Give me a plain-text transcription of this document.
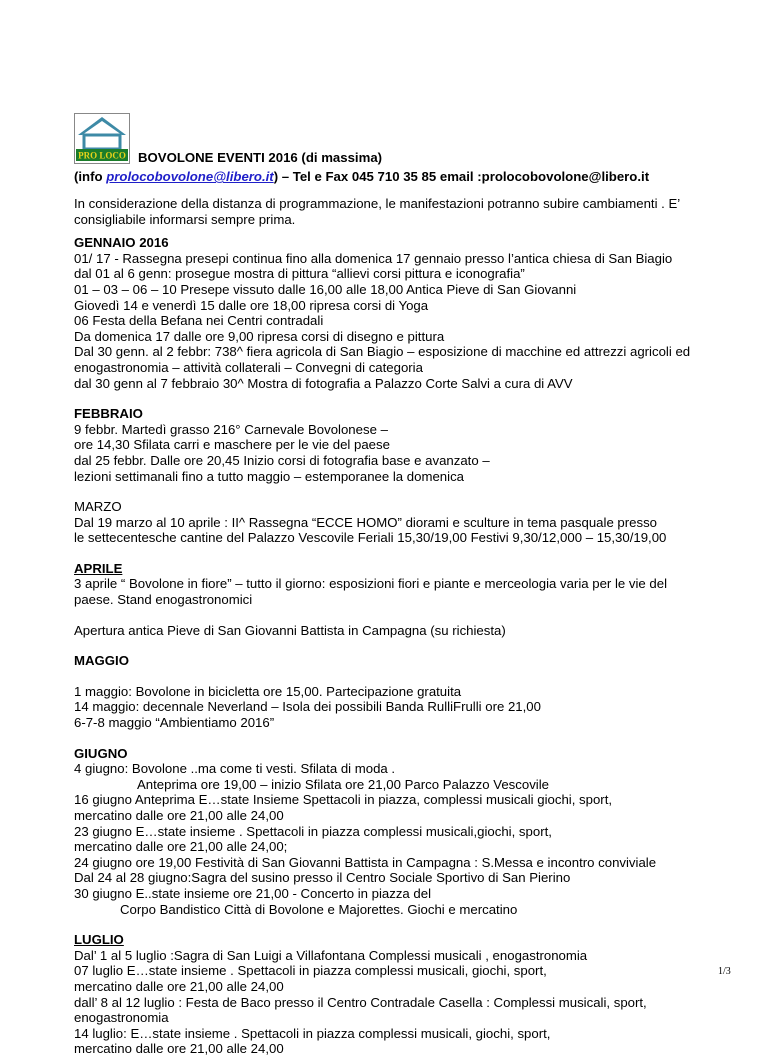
PRO LOCO BOVOLONE EVENTI 2016 (di massima)
(info prolocobovolone@libero.it) – Tel e Fax 045 710 35 85 email :prolocobovolone@libero.it
In considerazione della distanza di programmazione, le manifestazioni potranno subire cambiamenti . E’
consigliabile informarsi sempre prima.
GENNAIO 2016
01/ 17 - Rassegna presepi continua fino alla domenica 17 gennaio presso l’antica chiesa di San Biagio
dal 01 al 6 genn: prosegue mostra di pittura “allievi corsi pittura e iconografia”
01 – 03 – 06 – 10 Presepe vissuto dalle 16,00 alle 18,00 Antica Pieve di San Giovanni
Giovedì 14 e venerdì 15 dalle ore 18,00 ripresa corsi di Yoga
06 Festa della Befana nei Centri contradali
Da domenica 17 dalle ore 9,00 ripresa corsi di disegno e pittura
Dal 30 genn. al 2 febbr: 738^ fiera agricola di San Biagio – esposizione di macchine ed attrezzi agricoli ed
enogastronomia – attività collaterali – Convegni di categoria
dal 30 genn al 7 febbraio 30^ Mostra di fotografia a Palazzo Corte Salvi a cura di AVV
FEBBRAIO
9 febbr. Martedì grasso 216° Carnevale Bovolonese –
ore 14,30 Sfilata carri e maschere per le vie del paese
dal 25 febbr. Dalle ore 20,45 Inizio corsi di fotografia base e avanzato –
lezioni settimanali fino a tutto maggio – estemporanee la domenica
MARZO
Dal 19 marzo al 10 aprile : II^ Rassegna “ECCE HOMO” diorami e sculture in tema pasquale presso
le settecentesche cantine del Palazzo Vescovile Feriali 15,30/19,00 Festivi 9,30/12,000 – 15,30/19,00
APRILE
3 aprile “ Bovolone in fiore” – tutto il giorno: esposizioni fiori e piante e merceologia varia per le vie del
paese. Stand enogastronomici
Apertura antica Pieve di San Giovanni Battista in Campagna (su richiesta)
MAGGIO
1 maggio: Bovolone in bicicletta ore 15,00. Partecipazione gratuita
14 maggio: decennale Neverland – Isola dei possibili Banda RulliFrulli ore 21,00
6-7-8 maggio “Ambientiamo 2016”
GIUGNO
4 giugno: Bovolone ..ma come ti vesti. Sfilata di moda .
Anteprima ore 19,00 – inizio Sfilata ore 21,00 Parco Palazzo Vescovile
16 giugno Anteprima E…state Insieme Spettacoli in piazza, complessi musicali giochi, sport,
mercatino dalle ore 21,00 alle 24,00
23 giugno E…state insieme . Spettacoli in piazza complessi musicali,giochi, sport,
mercatino dalle ore 21,00 alle 24,00;
24 giugno ore 19,00 Festività di San Giovanni Battista in Campagna : S.Messa e incontro conviviale
Dal 24 al 28 giugno:Sagra del susino presso il Centro Sociale Sportivo di San Pierino
30 giugno E..state insieme ore 21,00 - Concerto in piazza del
Corpo Bandistico Città di Bovolone e Majorettes. Giochi e mercatino
LUGLIO
Dal’ 1 al 5 luglio :Sagra di San Luigi a Villafontana Complessi musicali , enogastronomia
07 luglio E…state insieme . Spettacoli in piazza complessi musicali, giochi, sport,
mercatino dalle ore 21,00 alle 24,00
dall’ 8 al 12 luglio : Festa de Baco presso il Centro Contradale Casella : Complessi musicali, sport,
enogastronomia
14 luglio: E…state insieme . Spettacoli in piazza complessi musicali, giochi, sport,
mercatino dalle ore 21,00 alle 24,00
1/3
